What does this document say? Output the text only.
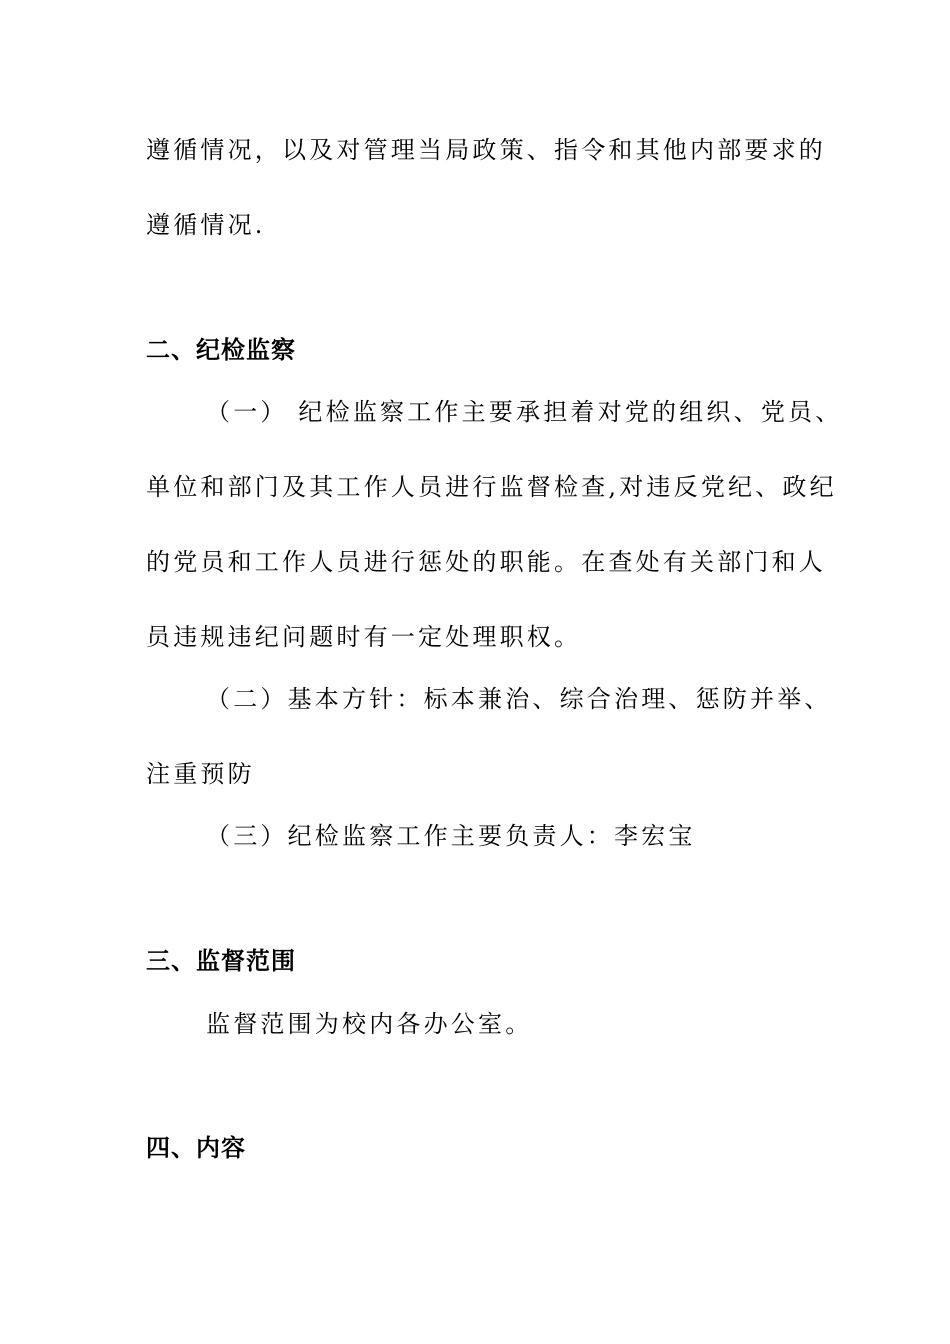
遵循情况，以及对管理当局政策、指令和其他内部要求的
遵循情况.
二、纪检监察
（一） 纪检监察工作主要承担着对党的组织、党员、
单位和部门及其工作人员进行监督检查,对违反党纪、政纪
的党员和工作人员进行惩处的职能。在查处有关部门和人
员违规违纪问题时有一定处理职权。
（二）基本方针：标本兼治、综合治理、惩防并举、
注重预防
（三）纪检监察工作主要负责人：李宏宝
三、监督范围
监督范围为校内各办公室。
四、内容
